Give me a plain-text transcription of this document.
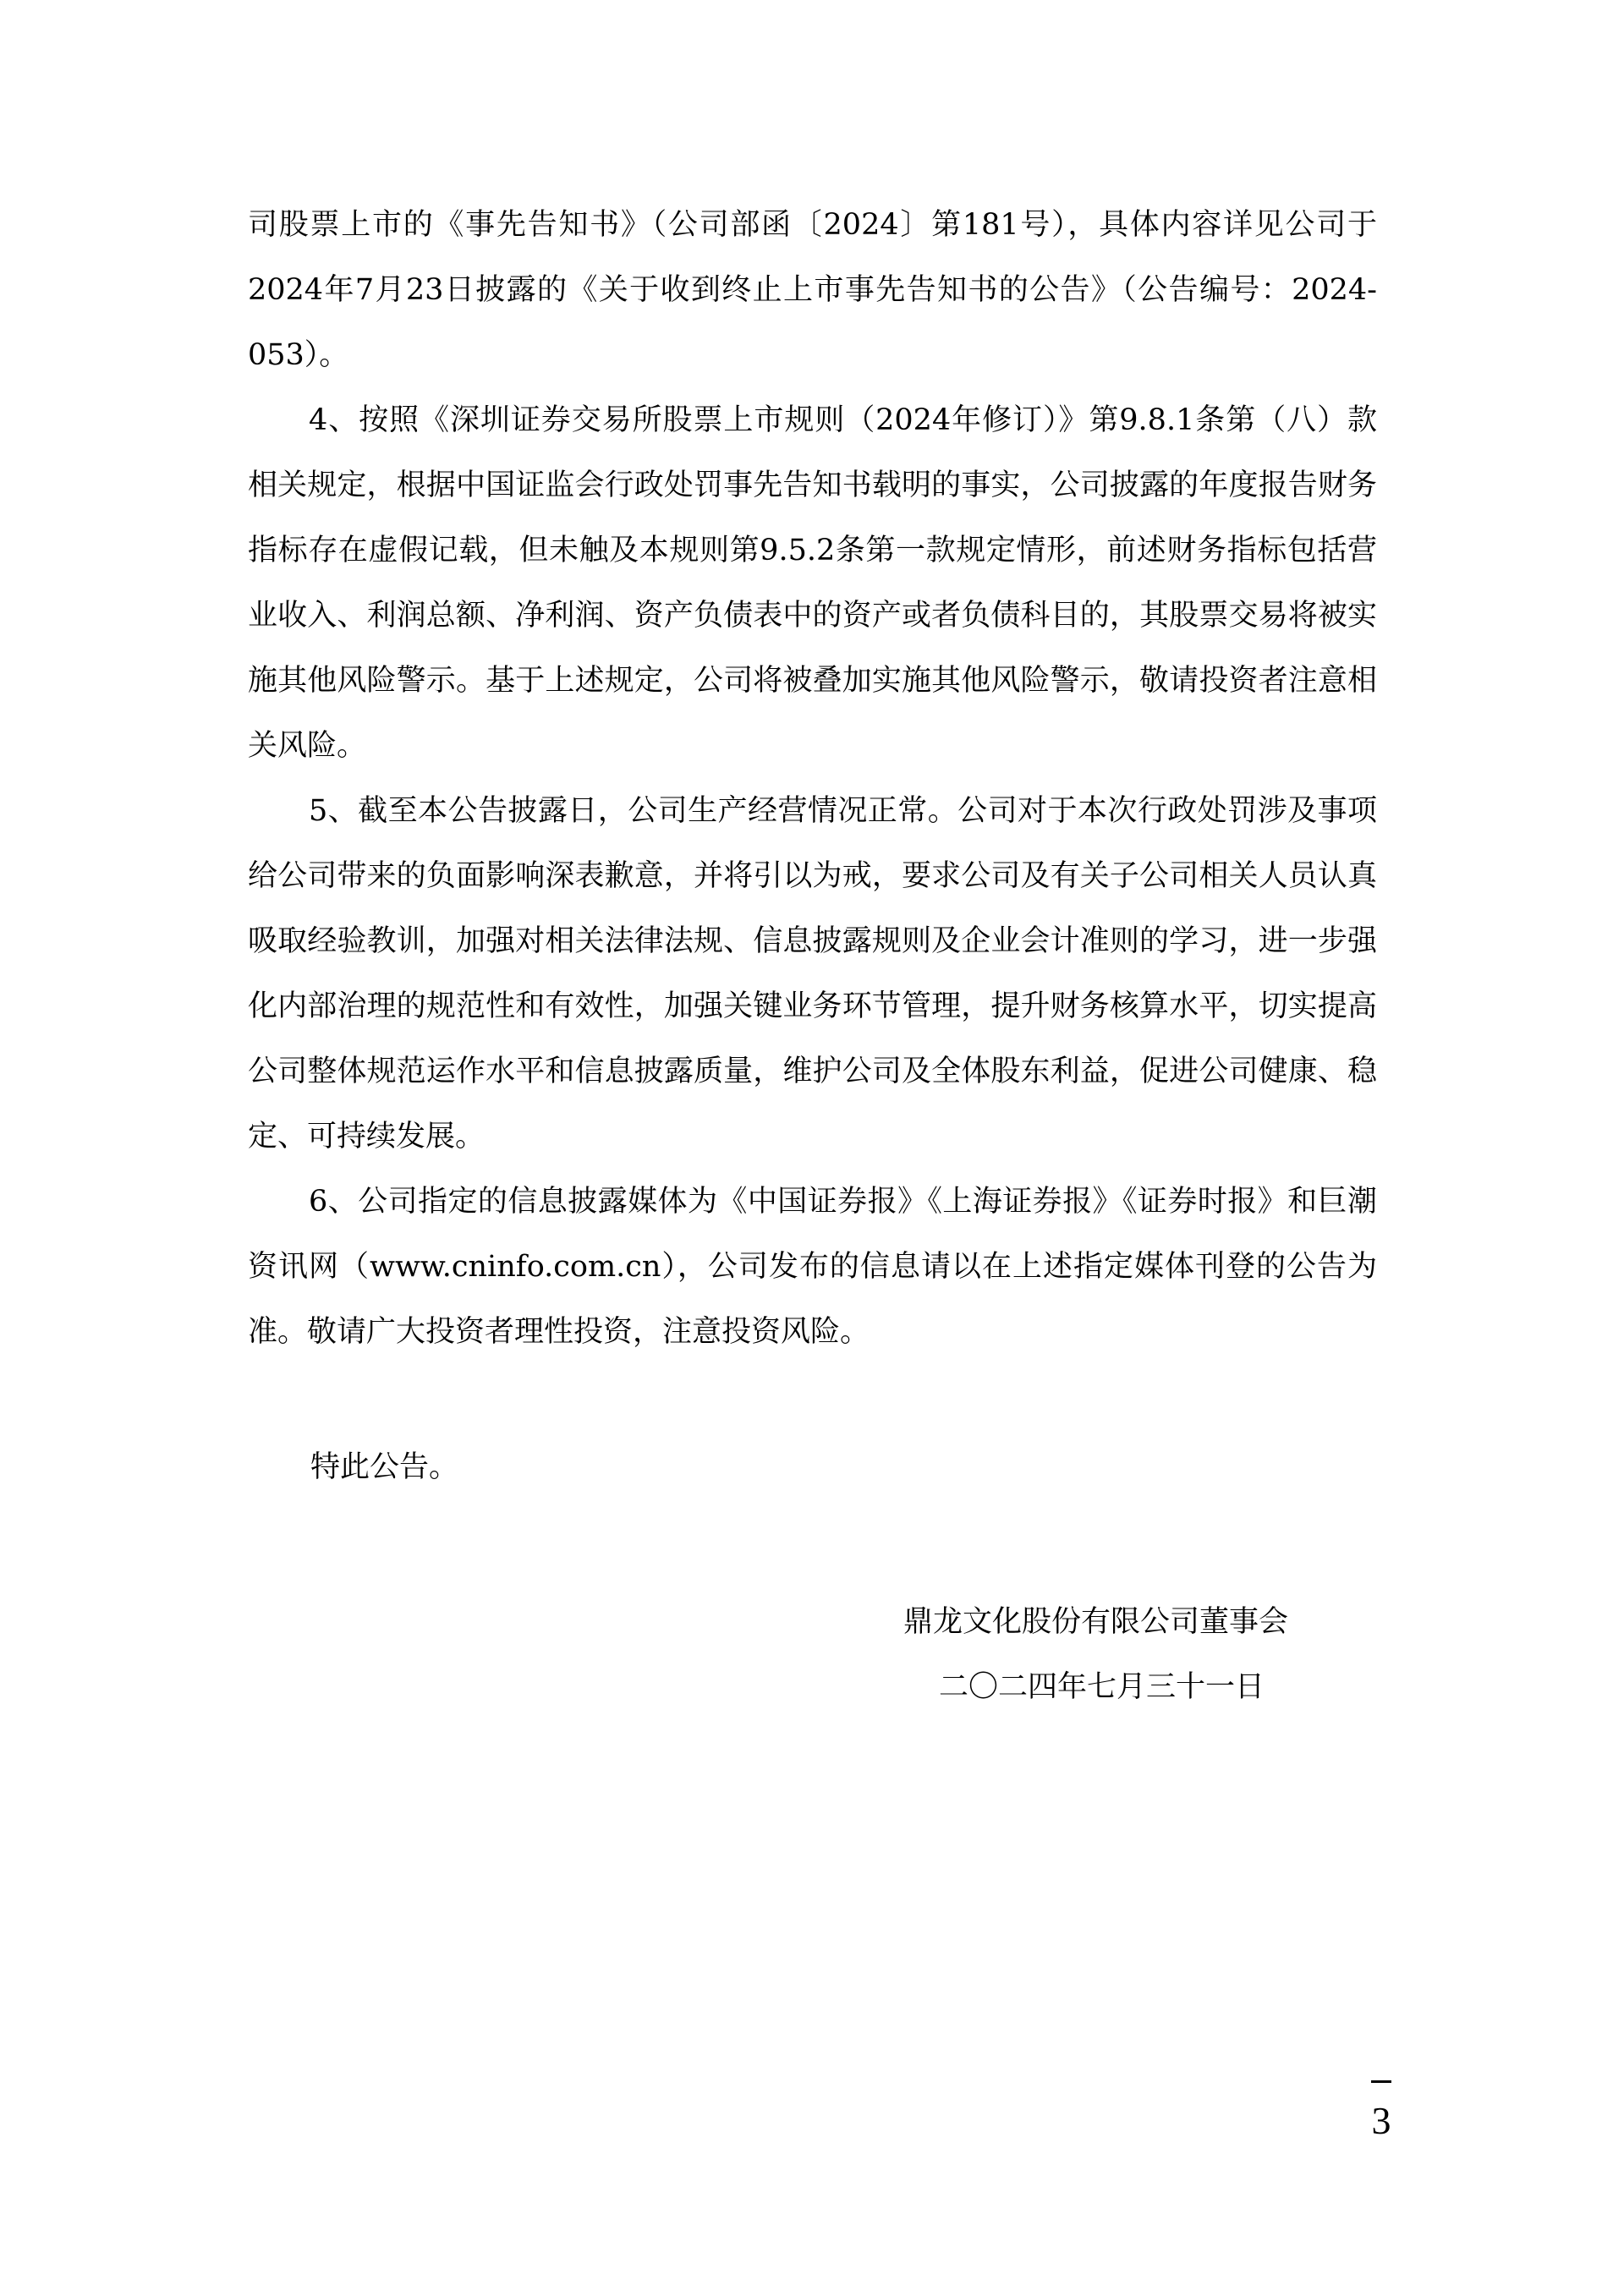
司股票上市的《事先告知书》（公司部函〔2024〕第181号），具体内容详见公司于2024年7月23日披露的《关于收到终止上市事先告知书的公告》（公告编号：2024-053）。

4、按照《深圳证券交易所股票上市规则（2024年修订）》第9.8.1条第（八）款相关规定，根据中国证监会行政处罚事先告知书载明的事实，公司披露的年度报告财务指标存在虚假记载，但未触及本规则第9.5.2条第一款规定情形，前述财务指标包括营业收入、利润总额、净利润、资产负债表中的资产或者负债科目的，其股票交易将被实施其他风险警示。基于上述规定，公司将被叠加实施其他风险警示，敬请投资者注意相关风险。

5、截至本公告披露日，公司生产经营情况正常。公司对于本次行政处罚涉及事项给公司带来的负面影响深表歉意，并将引以为戒，要求公司及有关子公司相关人员认真吸取经验教训，加强对相关法律法规、信息披露规则及企业会计准则的学习，进一步强化内部治理的规范性和有效性，加强关键业务环节管理，提升财务核算水平，切实提高公司整体规范运作水平和信息披露质量，维护公司及全体股东利益，促进公司健康、稳定、可持续发展。

6、公司指定的信息披露媒体为《中国证券报》《上海证券报》《证券时报》和巨潮资讯网（www.cninfo.com.cn），公司发布的信息请以在上述指定媒体刊登的公告为准。敬请广大投资者理性投资，注意投资风险。

特此公告。

鼎龙文化股份有限公司董事会
二〇二四年七月三十一日
3
